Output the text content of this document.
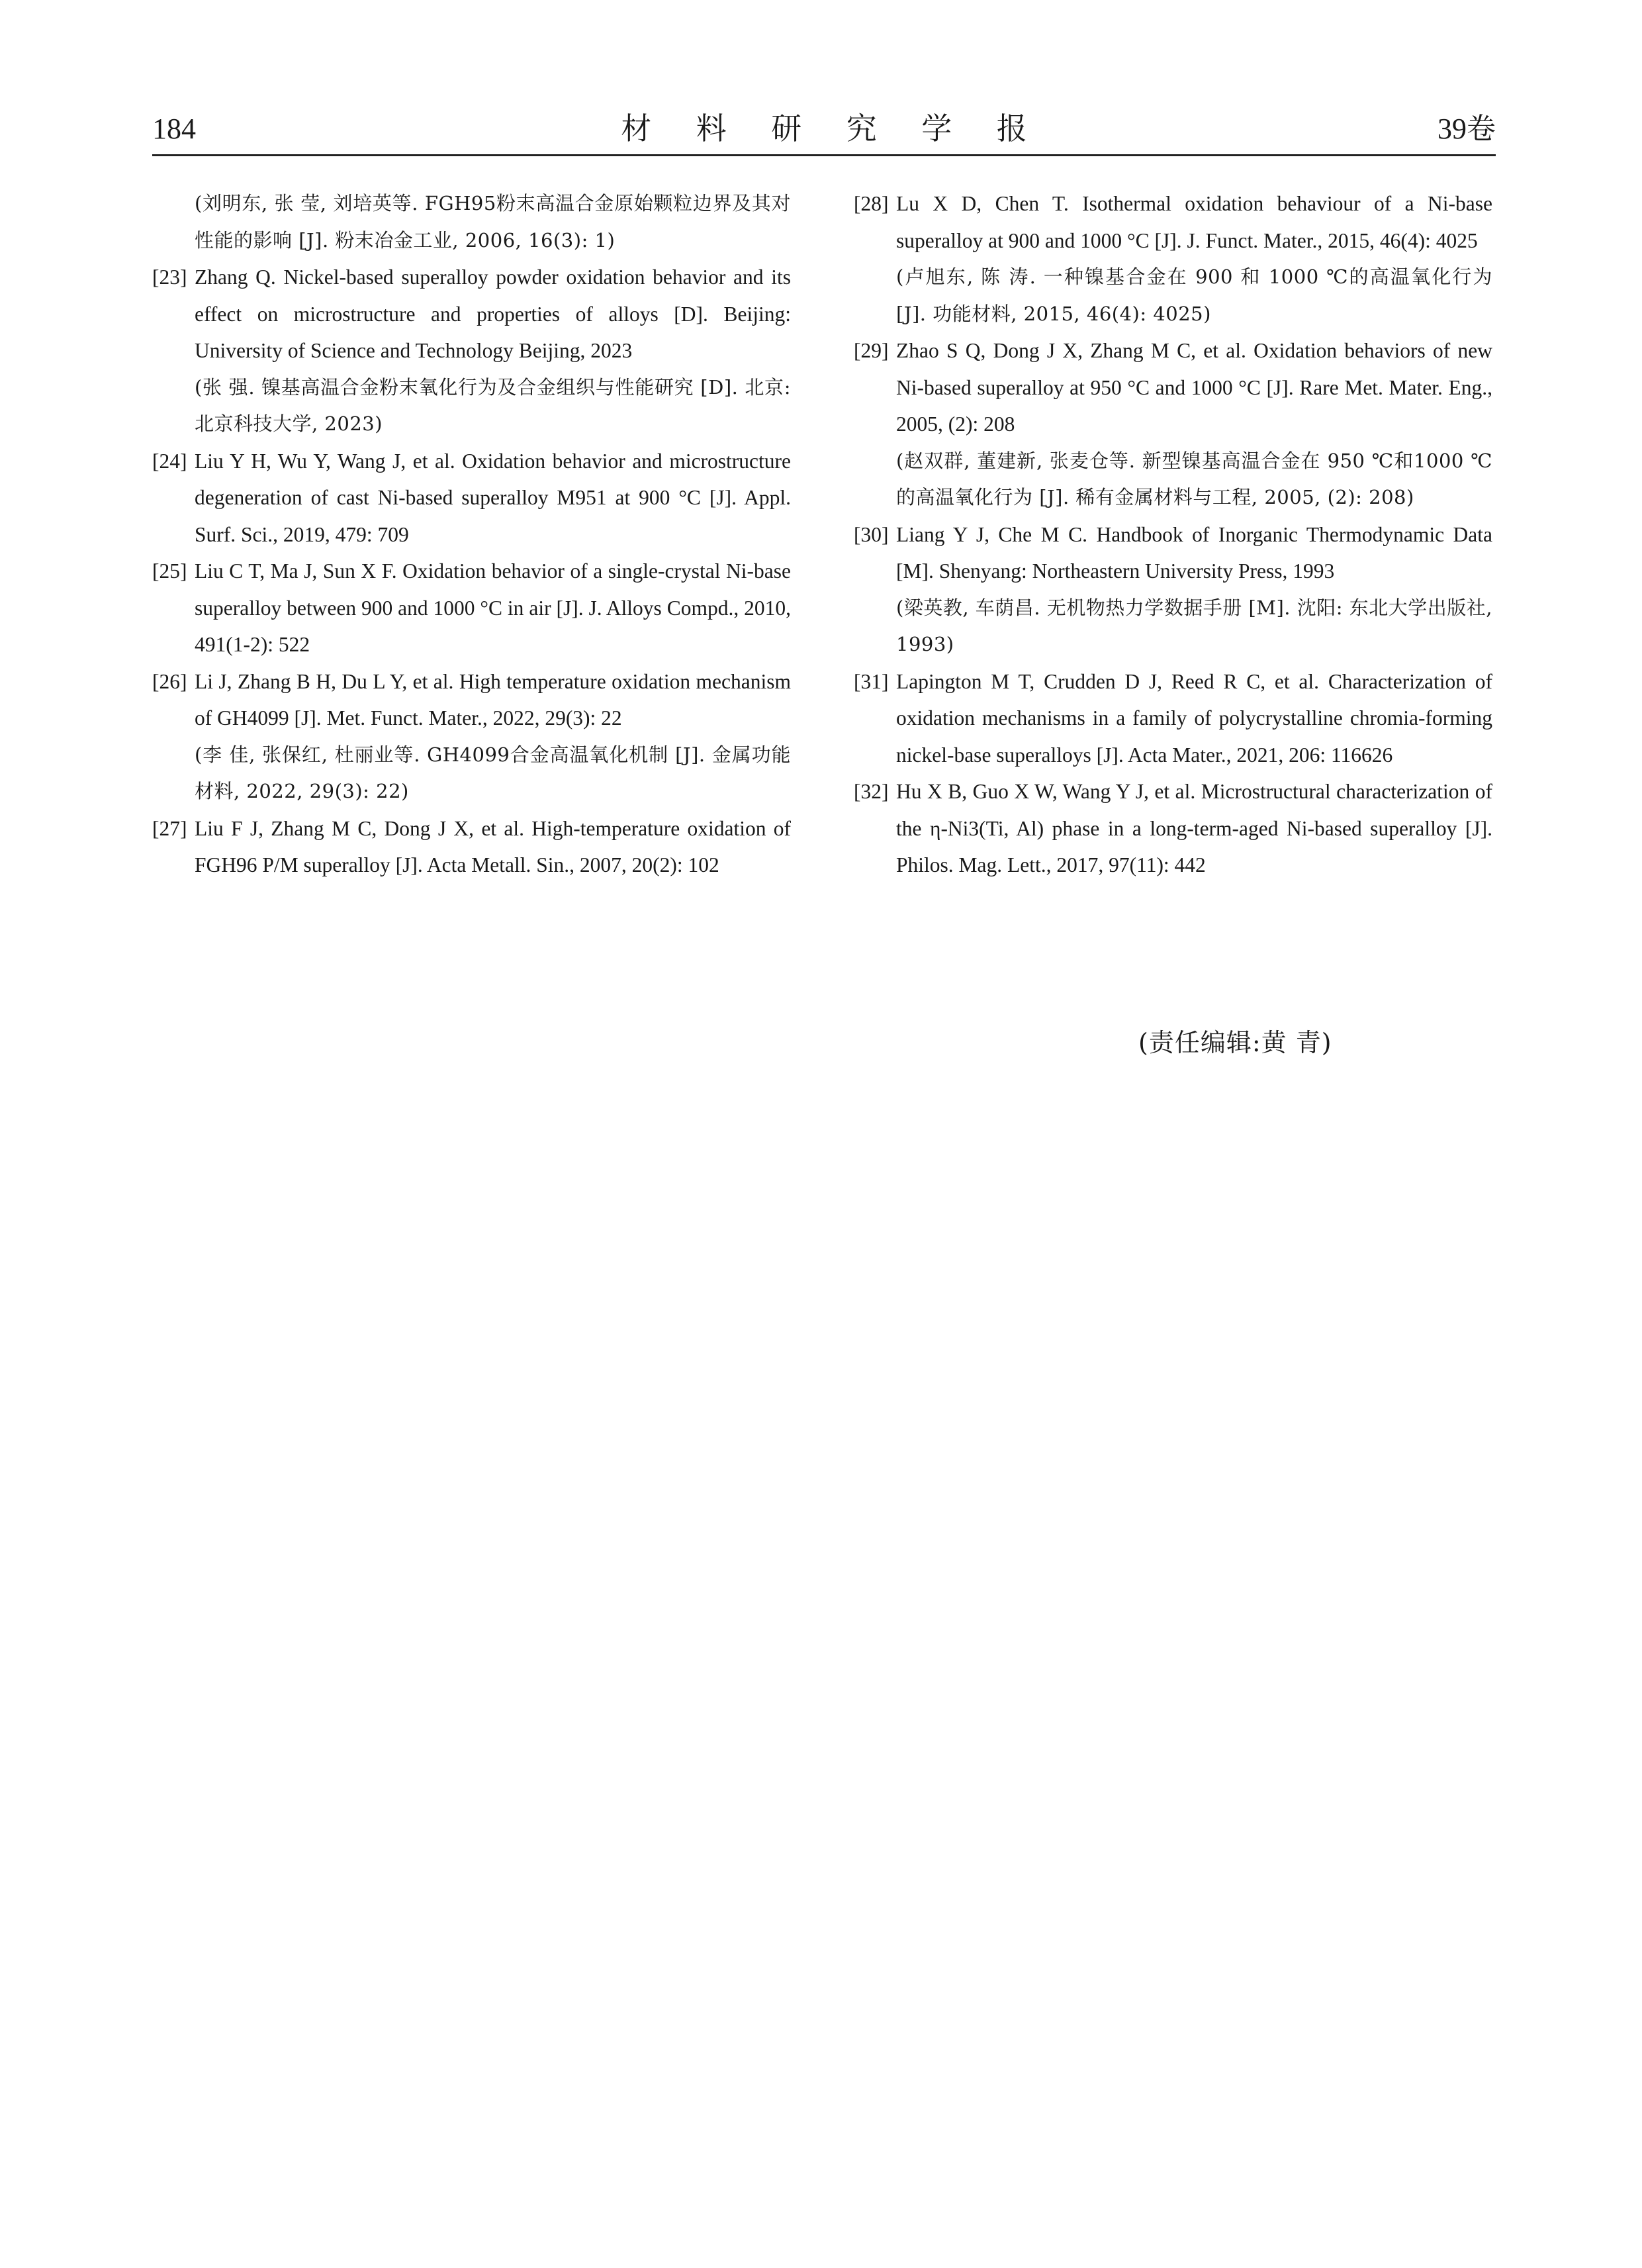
184	材 料 研 究 学 报	39卷
(刘明东, 张 莹, 刘培英等. FGH95粉末高温合金原始颗粒边界及其对性能的影响 [J]. 粉末冶金工业, 2006, 16(3): 1)
[23] Zhang Q. Nickel-based superalloy powder oxidation behavior and its effect on microstructure and properties of alloys [D]. Beijing: University of Science and Technology Beijing, 2023
(张 强. 镍基高温合金粉末氧化行为及合金组织与性能研究 [D]. 北京: 北京科技大学, 2023)
[24] Liu Y H, Wu Y, Wang J, et al. Oxidation behavior and microstructure degeneration of cast Ni-based superalloy M951 at 900 °C [J]. Appl. Surf. Sci., 2019, 479: 709
[25] Liu C T, Ma J, Sun X F. Oxidation behavior of a single-crystal Ni-base superalloy between 900 and 1000 °C in air [J]. J. Alloys Compd., 2010, 491(1-2): 522
[26] Li J, Zhang B H, Du L Y, et al. High temperature oxidation mechanism of GH4099 [J]. Met. Funct. Mater., 2022, 29(3): 22
(李 佳, 张保红, 杜丽业等. GH4099合金高温氧化机制 [J]. 金属功能材料, 2022, 29(3): 22)
[27] Liu F J, Zhang M C, Dong J X, et al. High-temperature oxidation of FGH96 P/M superalloy [J]. Acta Metall. Sin., 2007, 20(2): 102
[28] Lu X D, Chen T. Isothermal oxidation behaviour of a Ni-base superalloy at 900 and 1000 °C [J]. J. Funct. Mater., 2015, 46(4): 4025
(卢旭东, 陈 涛. 一种镍基合金在 900 和 1000 ℃的高温氧化行为 [J]. 功能材料, 2015, 46(4): 4025)
[29] Zhao S Q, Dong J X, Zhang M C, et al. Oxidation behaviors of new Ni-based superalloy at 950 °C and 1000 °C [J]. Rare Met. Mater. Eng., 2005, (2): 208
(赵双群, 董建新, 张麦仓等. 新型镍基高温合金在 950 ℃和1000 ℃的高温氧化行为 [J]. 稀有金属材料与工程, 2005, (2): 208)
[30] Liang Y J, Che M C. Handbook of Inorganic Thermodynamic Data [M]. Shenyang: Northeastern University Press, 1993
(梁英教, 车荫昌. 无机物热力学数据手册 [M]. 沈阳: 东北大学出版社, 1993)
[31] Lapington M T, Crudden D J, Reed R C, et al. Characterization of oxidation mechanisms in a family of polycrystalline chromia-forming nickel-base superalloys [J]. Acta Mater., 2021, 206: 116626
[32] Hu X B, Guo X W, Wang Y J, et al. Microstructural characterization of the η-Ni3(Ti, Al) phase in a long-term-aged Ni-based superalloy [J]. Philos. Mag. Lett., 2017, 97(11): 442
(责任编辑:黄 青)
